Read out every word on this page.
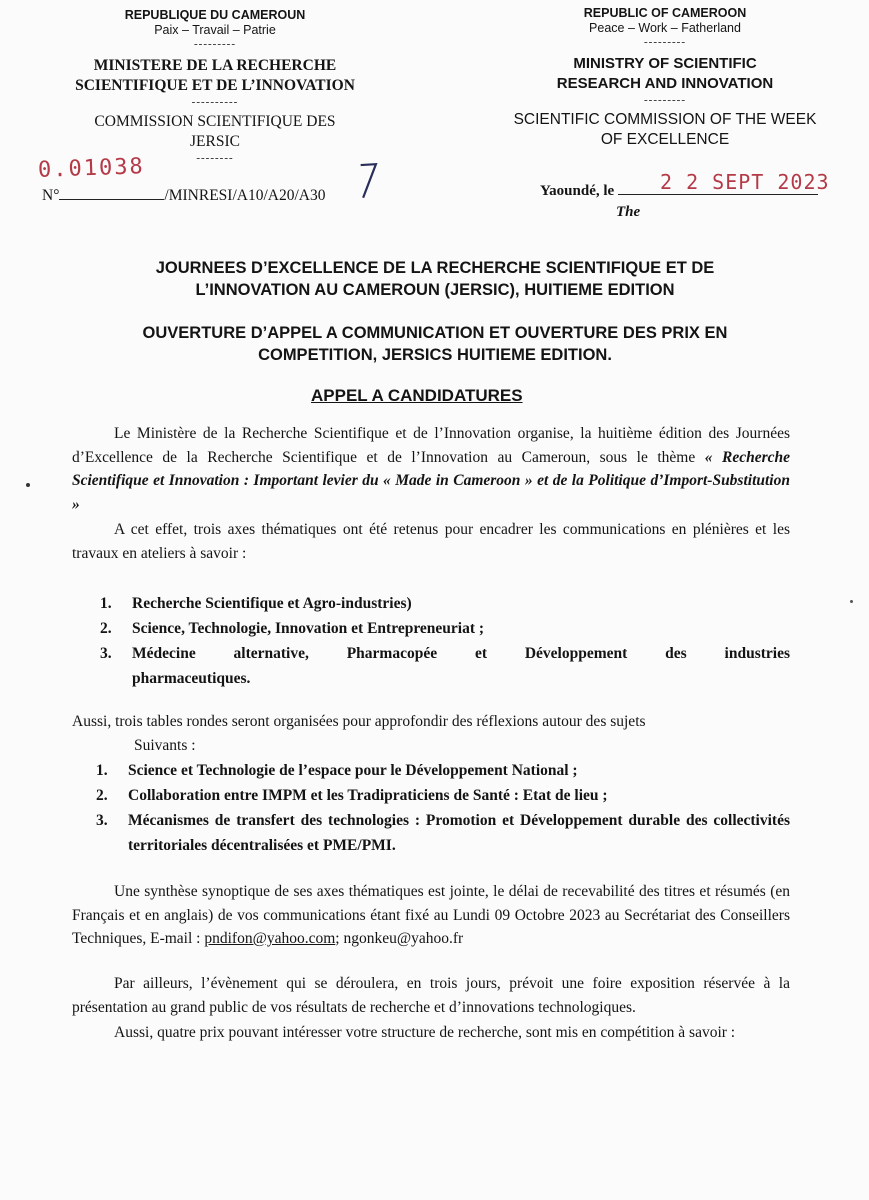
REPUBLIQUE DU CAMEROUN
Paix – Travail – Patrie
---------
MINISTERE DE LA RECHERCHE
SCIENTIFIQUE ET DE L’INNOVATION
----------
COMMISSION SCIENTIFIQUE DES
JERSIC
--------
0.01038
N°	/MINRESI/A10/A20/A30
REPUBLIC OF CAMEROON
Peace – Work – Fatherland
---------
MINISTRY OF SCIENTIFIC
RESEARCH AND INNOVATION
---------
SCIENTIFIC COMMISSION OF THE WEEK
OF EXCELLENCE
Yaoundé, le	2 2 SEPT 2023
The
JOURNEES D’EXCELLENCE DE LA RECHERCHE SCIENTIFIQUE ET DE
L’INNOVATION AU CAMEROUN (JERSIC), HUITIEME EDITION
OUVERTURE D’APPEL A COMMUNICATION ET OUVERTURE DES PRIX EN
COMPETITION, JERSICS HUITIEME EDITION.
APPEL A CANDIDATURES
Le Ministère de la Recherche Scientifique et de l’Innovation organise, la huitième édition des Journées d’Excellence de la Recherche Scientifique et de l’Innovation au Cameroun, sous le thème « Recherche Scientifique et Innovation : Important levier du « Made in Cameroon » et de la Politique d’Import-Substitution »
A cet effet, trois axes thématiques ont été retenus pour encadrer les communications en plénières et les travaux en ateliers à savoir :
1.	Recherche Scientifique et Agro-industries)
2.	Science, Technologie, Innovation et Entrepreneuriat ;
3.	Médecine alternative, Pharmacopée et Développement des industries
pharmaceutiques.
Aussi, trois tables rondes seront organisées pour approfondir des réflexions autour des sujets
Suivants :
1.	Science et Technologie de l’espace pour le Développement National ;
2.	Collaboration entre IMPM et les Tradipraticiens de Santé : Etat de lieu ;
3.	Mécanismes de transfert des technologies : Promotion et Développement durable des collectivités territoriales décentralisées et PME/PMI.
Une synthèse synoptique de ses axes thématiques est jointe, le délai de recevabilité des titres et résumés (en Français et en anglais) de vos communications étant fixé au Lundi 09 Octobre 2023 au Secrétariat des Conseillers Techniques, E-mail : pndifon@yahoo.com; ngonkeu@yahoo.fr
Par ailleurs, l’évènement qui se déroulera, en trois jours, prévoit une foire exposition réservée à la présentation au grand public de vos résultats de recherche et d’innovations technologiques.
Aussi, quatre prix pouvant intéresser votre structure de recherche, sont mis en compétition à savoir :
